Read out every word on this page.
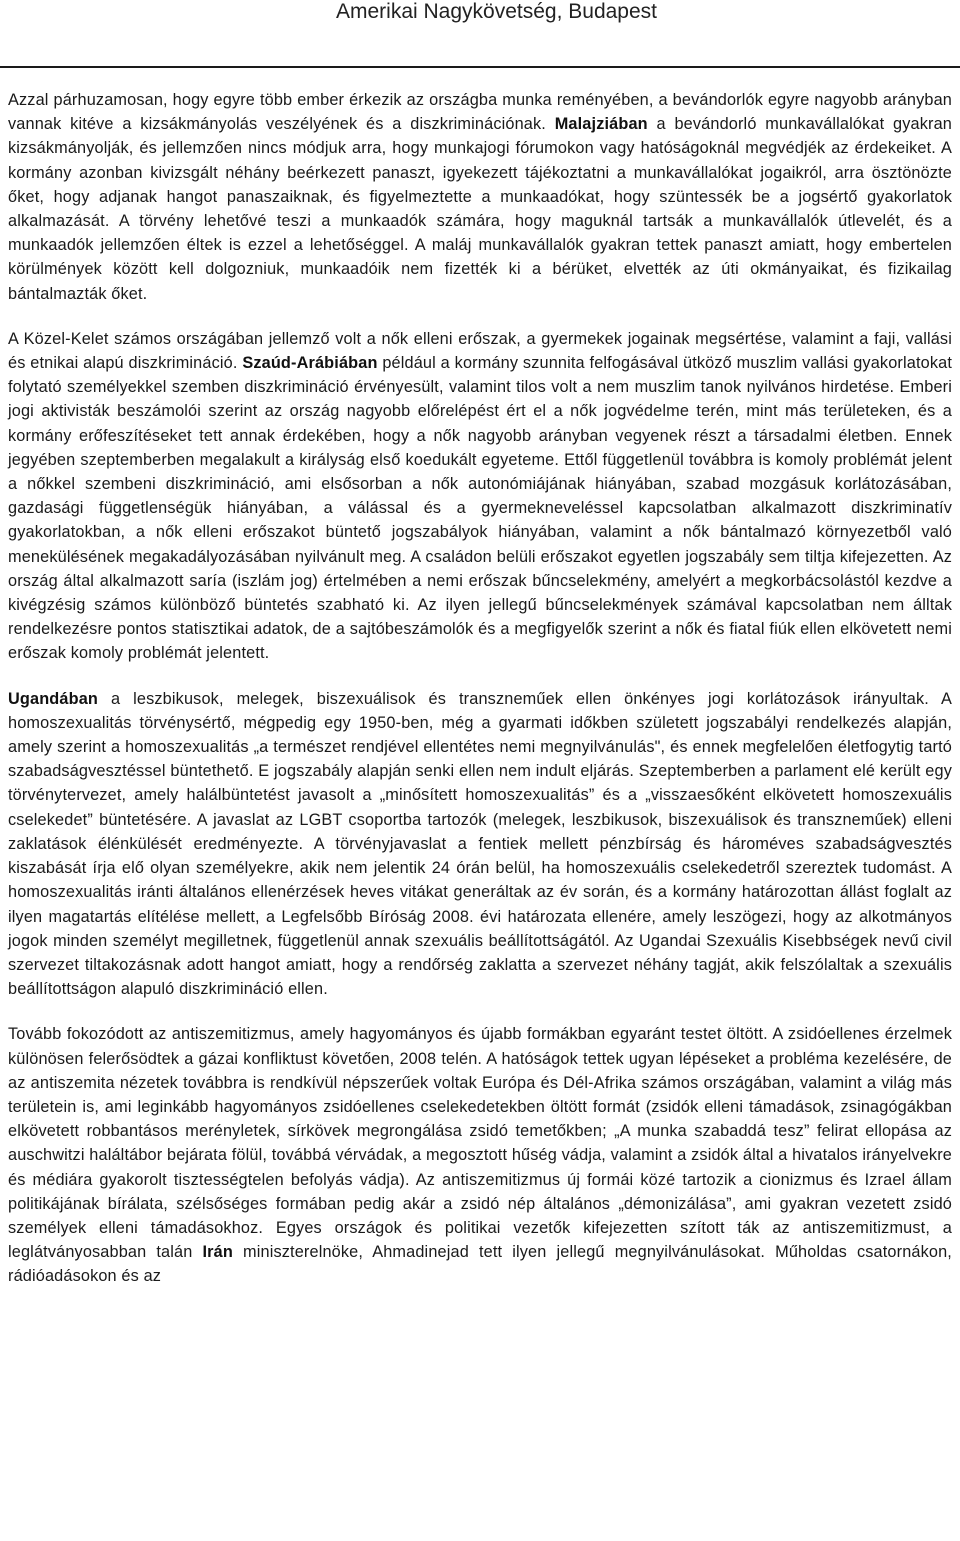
Amerikai Nagykövetség, Budapest

Azzal párhuzamosan, hogy egyre több ember érkezik az országba munka reményében, a bevándorlók egyre nagyobb arányban vannak kitéve a kizsákmányolás veszélyének és a diszkriminációnak. Malajziában a bevándorló munkavállalókat gyakran kizsákmányolják, és jellemzően nincs módjuk arra, hogy munkajogi fórumokon vagy hatóságoknál megvédjék az érdekeiket. A kormány azonban kivizsgált néhány beérkezett panaszt, igyekezett tájékoztatni a munkavállalókat jogaikról, arra ösztönözte őket, hogy adjanak hangot panaszaiknak, és figyelmeztette a munkaadókat, hogy szüntessék be a jogsértő gyakorlatok alkalmazását. A törvény lehetővé teszi a munkaadók számára, hogy maguknál tartsák a munkavállalók útlevelét, és a munkaadók jellemzően éltek is ezzel a lehetőséggel. A maláj munkavállalók gyakran tettek panaszt amiatt, hogy embertelen körülmények között kell dolgozniuk, munkaadóik nem fizették ki a bérüket, elvették az úti okmányaikat, és fizikailag bántalmazták őket.

A Közel-Kelet számos országában jellemző volt a nők elleni erőszak, a gyermekek jogainak megsértése, valamint a faji, vallási és etnikai alapú diszkrimináció. Szaúd-Arábiában például a kormány szunnita felfogásával ütköző muszlim vallási gyakorlatokat folytató személyekkel szemben diszkrimináció érvényesült, valamint tilos volt a nem muszlim tanok nyilvános hirdetése. Emberi jogi aktivisták beszámolói szerint az ország nagyobb előrelépést ért el a nők jogvédelme terén, mint más területeken, és a kormány erőfeszítéseket tett annak érdekében, hogy a nők nagyobb arányban vegyenek részt a társadalmi életben. Ennek jegyében szeptemberben megalakult a királyság első koedukált egyeteme. Ettől függetlenül továbbra is komoly problémát jelent a nőkkel szembeni diszkrimináció, ami elsősorban a nők autonómiájának hiányában, szabad mozgásuk korlátozásában, gazdasági függetlenségük hiányában, a válással és a gyermekneveléssel kapcsolatban alkalmazott diszkriminatív gyakorlatokban, a nők elleni erőszakot büntető jogszabályok hiányában, valamint a nők bántalmazó környezetből való menekülésének megakadályozásában nyilvánult meg. A családon belüli erőszakot egyetlen jogszabály sem tiltja kifejezetten. Az ország által alkalmazott saría (iszlám jog) értelmében a nemi erőszak bűncselekmény, amelyért a megkorbácsolástól kezdve a kivégzésig számos különböző büntetés szabható ki. Az ilyen jellegű bűncselekmények számával kapcsolatban nem álltak rendelkezésre pontos statisztikai adatok, de a sajtóbeszámolók és a megfigyelők szerint a nők és fiatal fiúk ellen elkövetett nemi erőszak komoly problémát jelentett.

Ugandában a leszbikusok, melegek, biszexuálisok és transzneműek ellen önkényes jogi korlátozások irányultak. A homoszexualitás törvénysértő, mégpedig egy 1950-ben, még a gyarmati időkben született jogszabályi rendelkezés alapján, amely szerint a homoszexualitás „a természet rendjével ellentétes nemi megnyilvánulás", és ennek megfelelően életfogytig tartó szabadságvesztéssel büntethető. E jogszabály alapján senki ellen nem indult eljárás. Szeptemberben a parlament elé került egy törvénytervezet, amely halálbüntetést javasolt a „minősített homoszexualitás” és a „visszaesőként elkövetett homoszexuális cselekedet” büntetésére. A javaslat az LGBT csoportba tartozók (melegek, leszbikusok, biszexuálisok és transzneműek) elleni zaklatások élénkülését eredményezte. A törvényjavaslat a fentiek mellett pénzbírság és hároméves szabadságvesztés kiszabását írja elő olyan személyekre, akik nem jelentik 24 órán belül, ha homoszexuális cselekedetről szereztek tudomást. A homoszexualitás iránti általános ellenérzések heves vitákat generáltak az év során, és a kormány határozottan állást foglalt az ilyen magatartás elítélése mellett, a Legfelsőbb Bíróság 2008. évi határozata ellenére, amely leszögezi, hogy az alkotmányos jogok minden személyt megilletnek, függetlenül annak szexuális beállítottságától. Az Ugandai Szexuális Kisebbségek nevű civil szervezet tiltakozásnak adott hangot amiatt, hogy a rendőrség zaklatta a szervezet néhány tagját, akik felszólaltak a szexuális beállítottságon alapuló diszkrimináció ellen.

Tovább fokozódott az antiszemitizmus, amely hagyományos és újabb formákban egyaránt testet öltött. A zsidóellenes érzelmek különösen felerősödtek a gázai konfliktust követően, 2008 telén. A hatóságok tettek ugyan lépéseket a probléma kezelésére, de az antiszemita nézetek továbbra is rendkívül népszerűek voltak Európa és Dél-Afrika számos országában, valamint a világ más területein is, ami leginkább hagyományos zsidóellenes cselekedetekben öltött formát (zsidók elleni támadások, zsinagógákban elkövetett robbantásos merényletek, sírkövek megrongálása zsidó temetőkben; „A munka szabaddá tesz” felirat ellopása az auschwitzi haláltábor bejárata fölül, továbbá vérvádak, a megosztott hűség vádja, valamint a zsidók által a hivatalos irányelvekre és médiára gyakorolt tisztességtelen befolyás vádja). Az antiszemitizmus új formái közé tartozik a cionizmus és Izrael állam politikájának bírálata, szélsőséges formában pedig akár a zsidó nép általános „démonizálása”, ami gyakran vezetett zsidó személyek elleni támadásokhoz. Egyes országok és politikai vezetők kifejezetten szított ták az antiszemitizmust, a leglátványosabban talán Irán miniszterelnöke, Ahmadinejad tett ilyen jellegű megnyilvánulásokat. Műholdas csatornákon, rádióadásokon és az
